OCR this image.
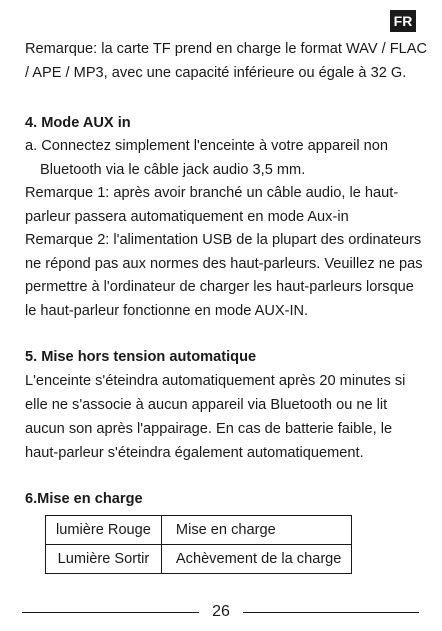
FR
Remarque: la carte TF prend en charge le format WAV / FLAC
/ APE / MP3, avec une capacité inférieure ou égale à 32 G.
4. Mode AUX in
a. Connectez simplement l'enceinte à votre appareil non
Bluetooth via le câble jack audio 3,5 mm.
Remarque 1: après avoir branché un câble audio, le haut-
parleur passera automatiquement en mode Aux-in
Remarque 2: l'alimentation USB de la plupart des ordinateurs
ne répond pas aux normes des haut-parleurs. Veuillez ne pas
permettre à l'ordinateur de charger les haut-parleurs lorsque
le haut-parleur fonctionne en mode AUX-IN.
5. Mise hors tension automatique
L'enceinte s'éteindra automatiquement après 20 minutes si
elle ne s'associe à aucun appareil via Bluetooth ou ne lit
aucun son après l'appairage. En cas de batterie faible, le
haut-parleur s'éteindra également automatiquement.
6.Mise en charge
lumière Rouge	Mise en charge
Lumière Sortir	Achèvement de la charge
26
